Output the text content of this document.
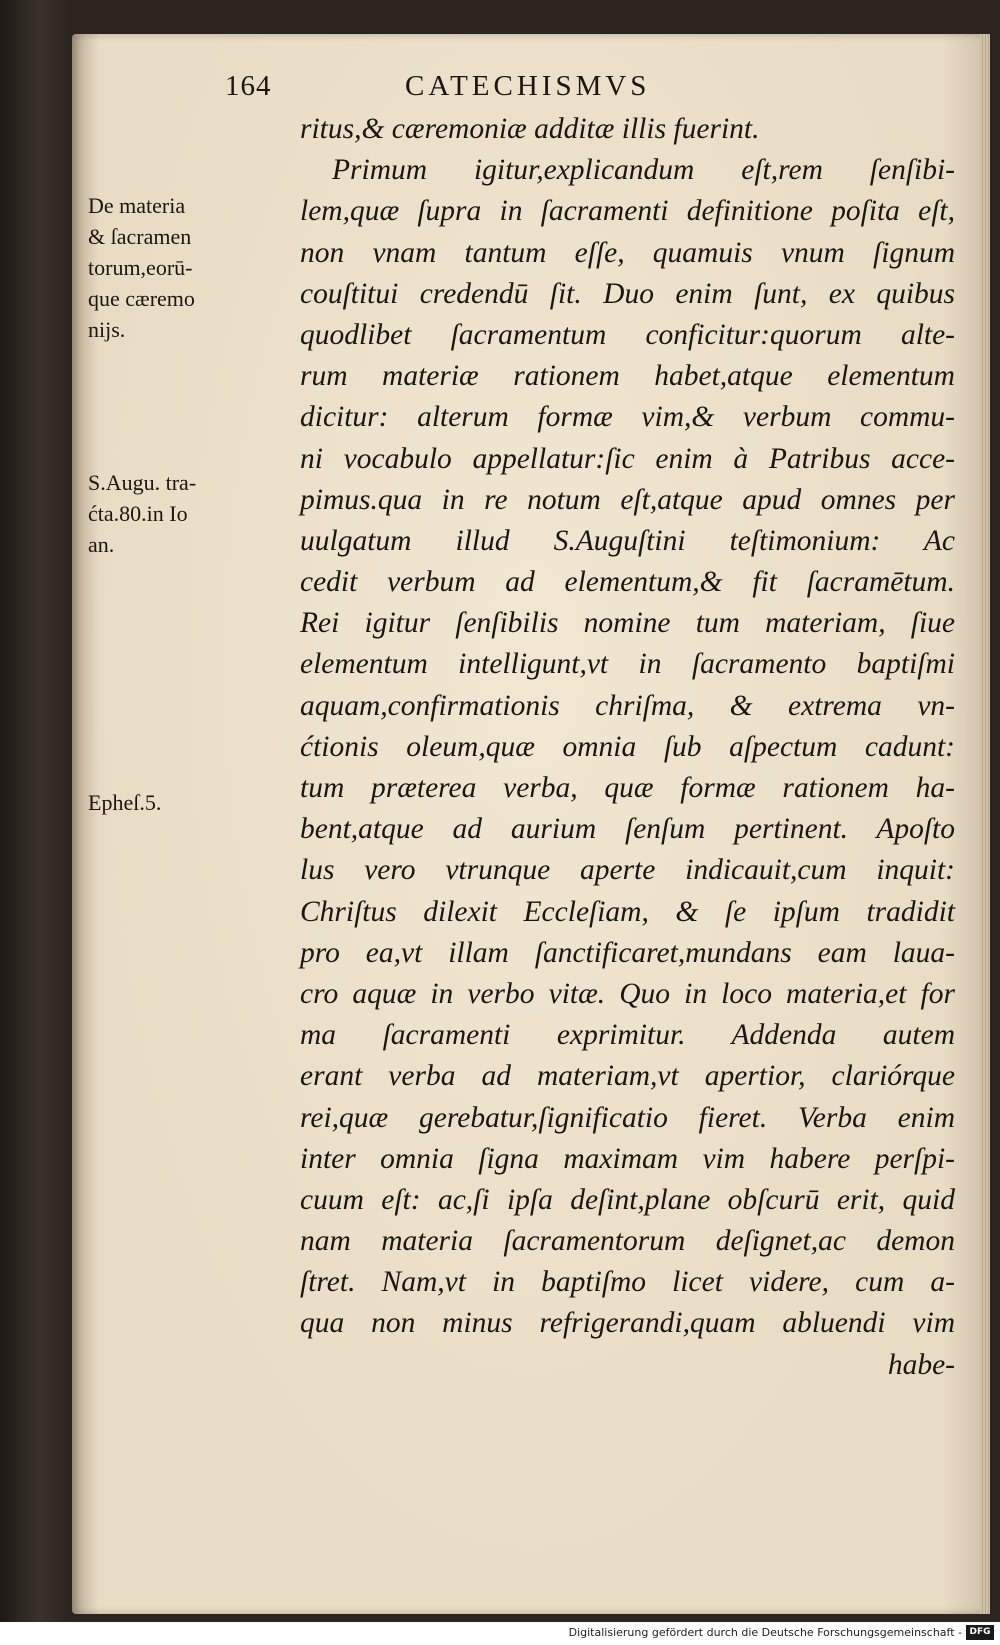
164	CATECHISMVS
De materia
& ſacramen
torum,eorū-
que cæremo
nijs.
S.Augu. tra-
ćta.80.in Io
an.
Epheſ.5.
ritus,& cæremoniæ additæ illis fuerint.
Primum igitur,explicandum eſt,rem ſenſibi-
lem,quæ ſupra in ſacramenti definitione poſita eſt,
non vnam tantum eſſe, quamuis vnum ſignum
couſtitui credendū ſit. Duo enim ſunt, ex quibus
quodlibet ſacramentum conficitur:quorum alte-
rum materiæ rationem habet,atque elementum
dicitur: alterum formæ vim,& verbum commu-
ni vocabulo appellatur:ſic enim à Patribus acce-
pimus.qua in re notum eſt,atque apud omnes per
uulgatum illud S.Auguſtini teſtimonium: Ac
cedit verbum ad elementum,& fit ſacramētum.
Rei igitur ſenſibilis nomine tum materiam, ſiue
elementum intelligunt,vt in ſacramento baptiſmi
aquam,confirmationis chriſma, & extrema vn-
ćtionis oleum,quæ omnia ſub aſpectum cadunt:
tum præterea verba, quæ formæ rationem ha-
bent,atque ad aurium ſenſum pertinent. Apoſto
lus vero vtrunque aperte indicauit,cum inquit:
Chriſtus dilexit Eccleſiam, & ſe ipſum tradidit
pro ea,vt illam ſanctificaret,mundans eam laua-
cro aquæ in verbo vitæ. Quo in loco materia,et for
ma ſacramenti exprimitur. Addenda autem
erant verba ad materiam,vt apertior, clariórque
rei,quæ gerebatur,ſignificatio fieret. Verba enim
inter omnia ſigna maximam vim habere perſpi-
cuum eſt: ac,ſi ipſa deſint,plane obſcurū erit, quid
nam materia ſacramentorum deſignet,ac demon
ſtret. Nam,vt in baptiſmo licet videre, cum a-
qua non minus refrigerandi,quam abluendi vim
habe-
Digitalisierung gefördert durch die Deutsche Forschungsgemeinschaft - DFG
